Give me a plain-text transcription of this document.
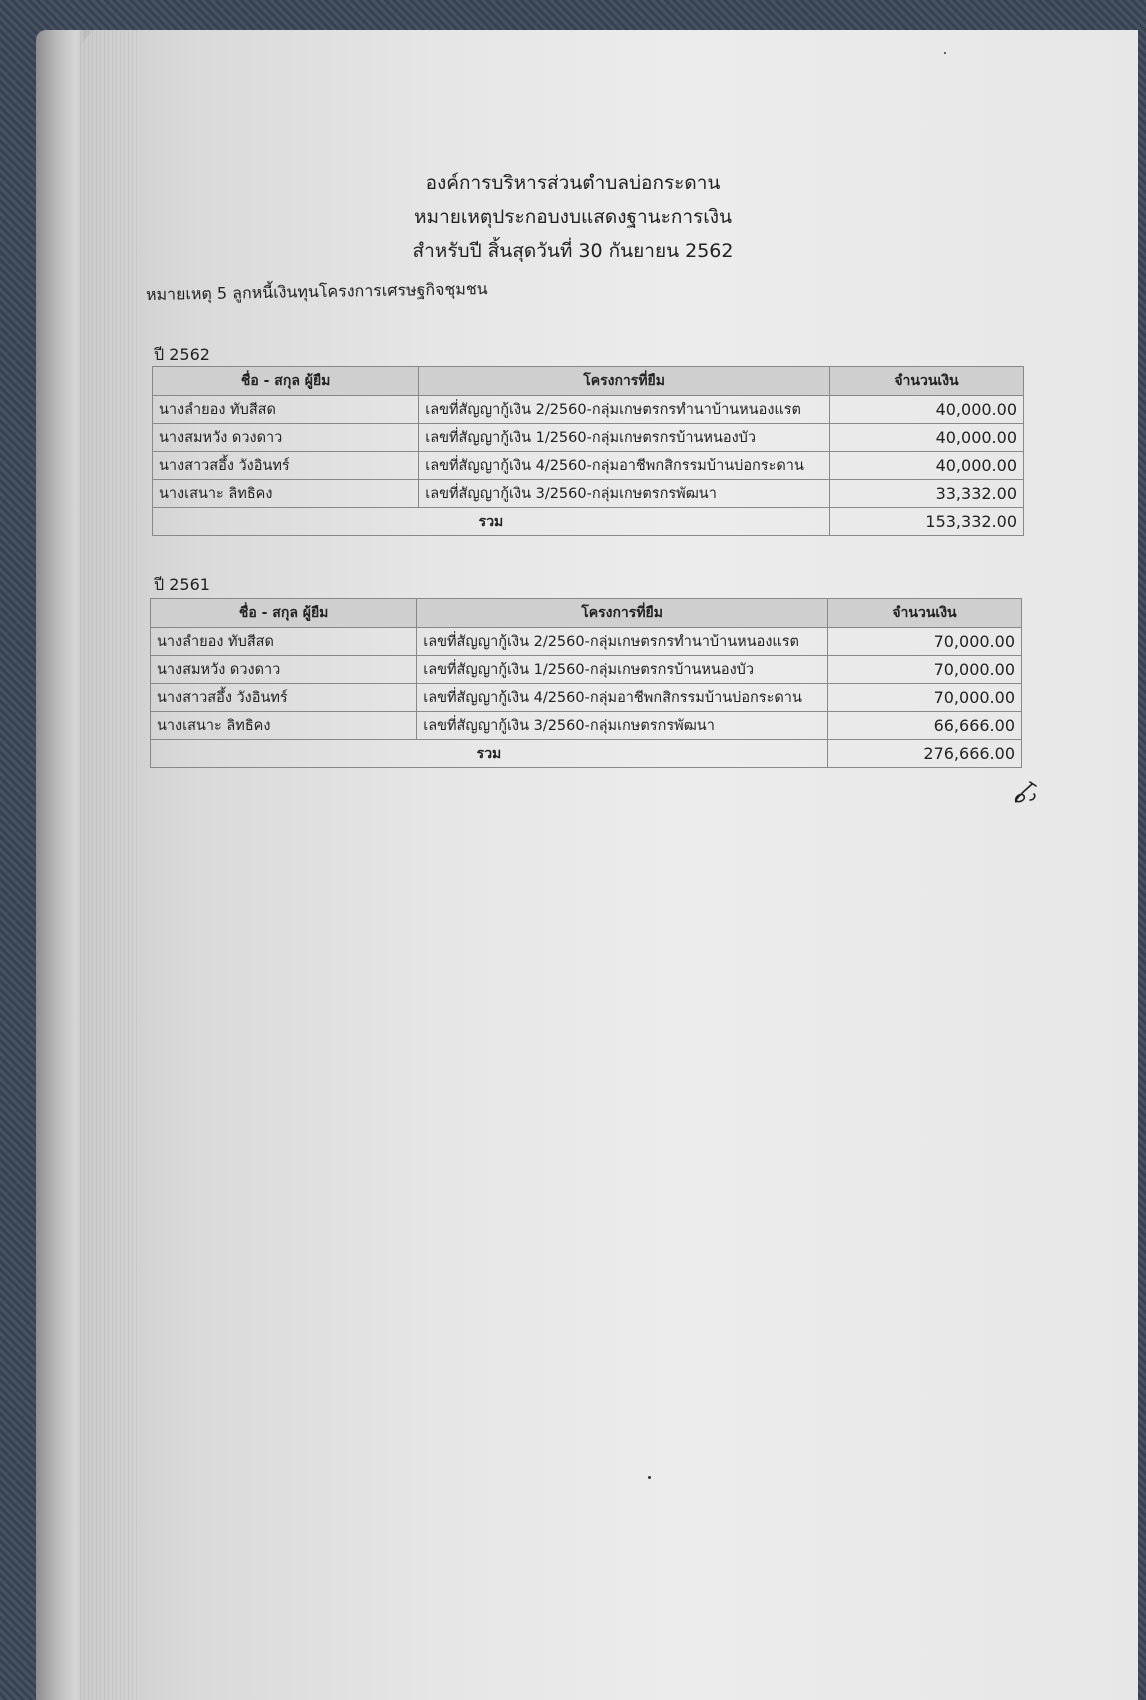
องค์การบริหารส่วนตำบลบ่อกระดาน
หมายเหตุประกอบงบแสดงฐานะการเงิน
สำหรับปี สิ้นสุดวันที่ 30 กันยายน 2562
หมายเหตุ 5 ลูกหนี้เงินทุนโครงการเศรษฐกิจชุมชน
ปี 2562
ชื่อ - สกุล ผู้ยืม	โครงการที่ยืม	จำนวนเงิน
นางลำยอง ทับสีสด	เลขที่สัญญากู้เงิน 2/2560-กลุ่มเกษตรกรทำนาบ้านหนองแรต	40,000.00
นางสมหวัง ดวงดาว	เลขที่สัญญากู้เงิน 1/2560-กลุ่มเกษตรกรบ้านหนองบัว	40,000.00
นางสาวสอึ้ง วังอินทร์	เลขที่สัญญากู้เงิน 4/2560-กลุ่มอาชีพกสิกรรมบ้านบ่อกระดาน	40,000.00
นางเสนาะ ลิทธิคง	เลขที่สัญญากู้เงิน 3/2560-กลุ่มเกษตรกรพัฒนา	33,332.00
รวม		153,332.00
ปี 2561
ชื่อ - สกุล ผู้ยืม	โครงการที่ยืม	จำนวนเงิน
นางลำยอง ทับสีสด	เลขที่สัญญากู้เงิน 2/2560-กลุ่มเกษตรกรทำนาบ้านหนองแรต	70,000.00
นางสมหวัง ดวงดาว	เลขที่สัญญากู้เงิน 1/2560-กลุ่มเกษตรกรบ้านหนองบัว	70,000.00
นางสาวสอึ้ง วังอินทร์	เลขที่สัญญากู้เงิน 4/2560-กลุ่มอาชีพกสิกรรมบ้านบ่อกระดาน	70,000.00
นางเสนาะ ลิทธิคง	เลขที่สัญญากู้เงิน 3/2560-กลุ่มเกษตรกรพัฒนา	66,666.00
รวม		276,666.00
